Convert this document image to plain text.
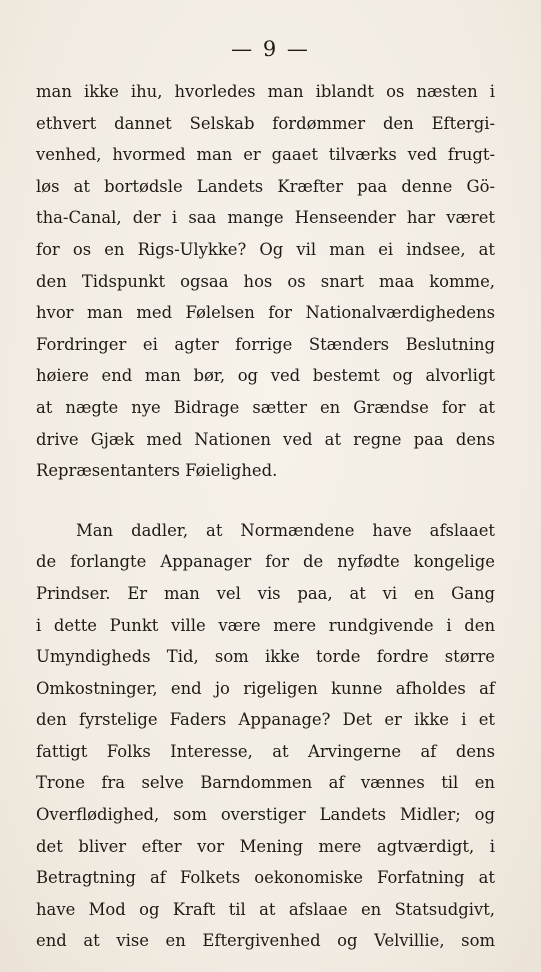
— 9 —
man ikke ihu, hvorledes man iblandt os næsten i
ethvert dannet Selskab fordømmer den Eftergi-
venhed, hvormed man er gaaet tilværks ved frugt-
løs at bortødsle Landets Kræfter paa denne Gö-
tha-Canal, der i saa mange Henseender har været
for os en Rigs-Ulykke? Og vil man ei indsee, at
den Tidspunkt ogsaa hos os snart maa komme,
hvor man med Følelsen for Nationalværdighedens
Fordringer ei agter forrige Stænders Beslutning
høiere end man bør, og ved bestemt og alvorligt
at nægte nye Bidrage sætter en Grændse for at
drive Gjæk med Nationen ved at regne paa dens
Repræsentanters Føielighed.
Man dadler, at Normændene have afslaaet
de forlangte Appanager for de nyfødte kongelige
Prindser. Er man vel vis paa, at vi en Gang
i dette Punkt ville være mere rundgivende i den
Umyndigheds Tid, som ikke torde fordre større
Omkostninger, end jo rigeligen kunne afholdes af
den fyrstelige Faders Appanage? Det er ikke i et
fattigt Folks Interesse, at Arvingerne af dens
Trone fra selve Barndommen af vænnes til en
Overflødighed, som overstiger Landets Midler; og
det bliver efter vor Mening mere agtværdigt, i
Betragtning af Folkets oekonomiske Forfatning at
have Mod og Kraft til at afslaae en Statsudgivt,
end at vise en Eftergivenhed og Velvillie, som
